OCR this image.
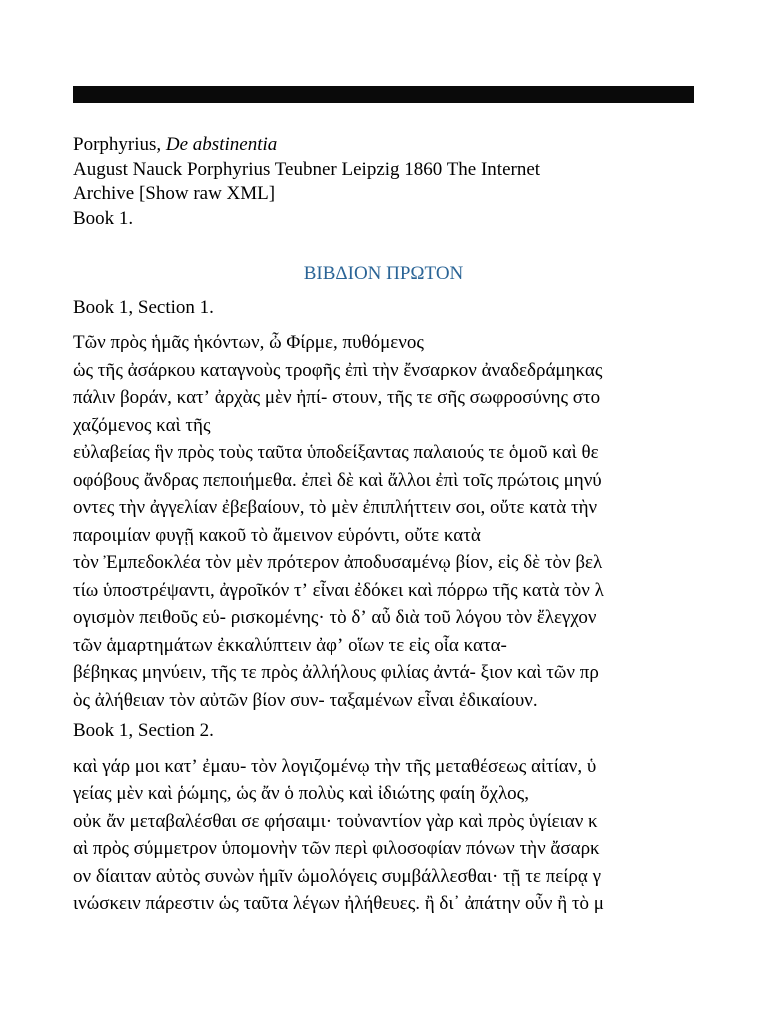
Porphyrius, De abstinentia
August Nauck Porphyrius Teubner Leipzig 1860 The Internet
Archive [Show raw XML]
Book 1.
ΒΙΒΔΙΟΝ ΠΡΩΤΟΝ
Book 1, Section 1.
Τῶν πρὸς ἡμᾶς ἡκόντων, ὦ Φίρμε, πυθόμενος
ὡς τῆς ἀσάρκου καταγνοὺς τροφῆς ἐπὶ τὴν ἔνσαρκον ἀναδεδράμηκας
πάλιν βοράν, κατʼ ἀρχὰς μὲν ἠπί- στουν, τῆς τε σῆς σωφροσύνης στο
χαζόμενος καὶ τῆς
εὐλαβείας ἣν πρὸς τοὺς ταῦτα ὑποδείξαντας παλαιούς τε ὁμοῦ καὶ θε
οφόβους ἄνδρας πεποιήμεθα. ἐπεὶ δὲ καὶ ἄλλοι ἐπὶ τοῖς πρώτοις μηνύ
οντες τὴν ἀγγελίαν ἐβεβαίουν, τὸ μὲν ἐπιπλήττειν σοι, οὔτε κατὰ τὴν
παροιμίαν φυγῇ κακοῦ τὸ ἄμεινον εὑρόντι, οὔτε κατὰ
τὸν Ἐμπεδοκλέα τὸν μὲν πρότερον ἀποδυσαμένῳ βίον, εἰς δὲ τὸν βελ
τίω ὑποστρέψαντι, ἀγροῖκόν τʼ εἶναι ἐδόκει καὶ πόρρω τῆς κατὰ τὸν λ
ογισμὸν πειθοῦς εὑ- ρισκομένης· τὸ δʼ αὖ διὰ τοῦ λόγου τὸν ἔλεγχον
τῶν ἁμαρτημάτων ἐκκαλύπτειν ἀφʼ οἵων τε εἰς οἷα κατα-
βέβηκας μηνύειν, τῆς τε πρὸς ἀλλήλους φιλίας ἀντά- ξιον καὶ τῶν πρ
ὸς ἀλήθειαν τὸν αὐτῶν βίον συν- ταξαμένων εἶναι ἐδικαίουν.
Book 1, Section 2.
καὶ γάρ μοι κατʼ ἐμαυ- τὸν λογιζομένῳ τὴν τῆς μεταθέσεως αἰτίαν, ὑ
γείας μὲν καὶ ῥώμης, ὡς ἄν ὁ πολὺς καὶ ἰδιώτης φαίη ὄχλος,
οὐκ ἄν μεταβαλέσθαι σε φήσαιμι· τοὐναντίον γὰρ καὶ πρὸς ὑγίειαν κ
αὶ πρὸς σύμμετρον ὑπομονὴν τῶν περὶ φιλοσοφίαν πόνων τὴν ἄσαρκ
ον δίαιταν αὐτὸς συνὼν ἡμῖν ὡμολόγεις συμβάλλεσθαι· τῇ τε πείρᾳ γ
ινώσκειν πάρεστιν ὡς ταῦτα λέγων ἠλήθευες. ἢ δι᾽ ἀπάτην οὖν ἢ τὸ μ
